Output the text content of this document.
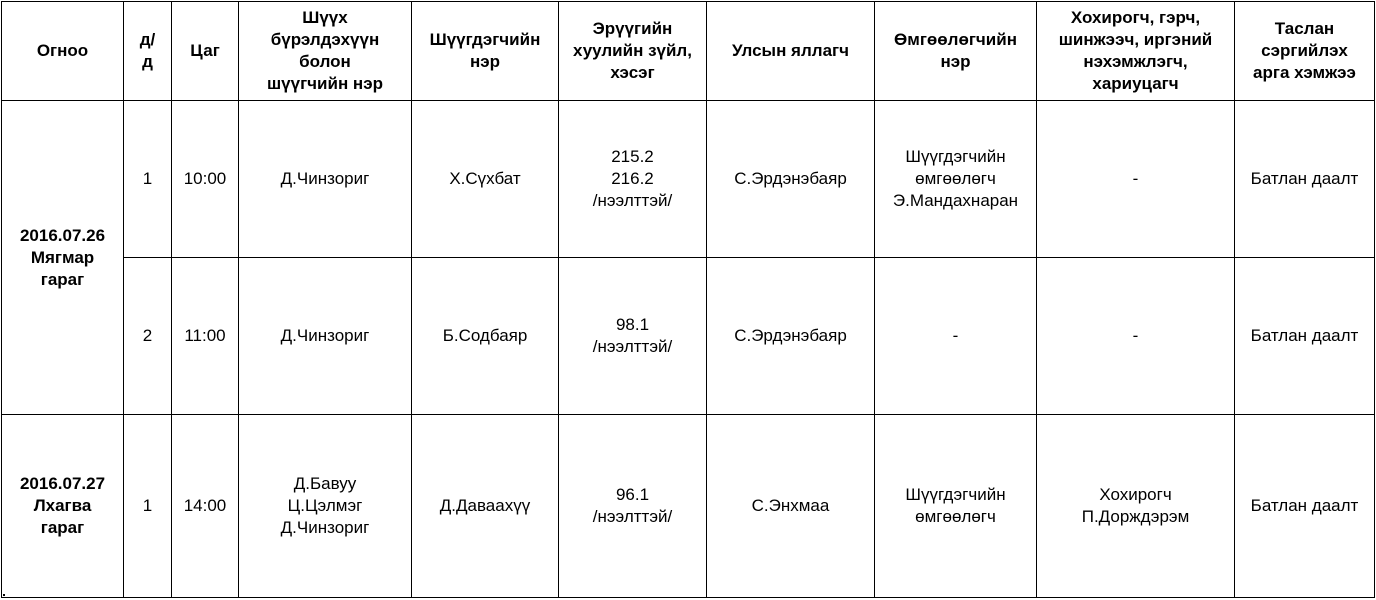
Огноо	д/
д	Цаг	Шүүх
бүрэлдэхүүн
болон
шүүгчийн нэр	Шүүгдэгчийн
нэр	Эрүүгийн
хуулийн зүйл,
хэсэг	Улсын яллагч	Өмгөөлөгчийн
нэр	Хохирогч, гэрч,
шинжээч, иргэний
нэхэмжлэгч,
хариуцагч	Таслан
сэргийлэх
арга хэмжээ
2016.07.26
Мягмар
гараг	1	10:00	Д.Чинзориг	Х.Сүхбат	215.2
216.2
/нээлттэй/	С.Эрдэнэбаяр	Шүүгдэгчийн
өмгөөлөгч
Э.Мандахнаран	-	Батлан даалт
	2	11:00	Д.Чинзориг	Б.Содбаяр	98.1
/нээлттэй/	С.Эрдэнэбаяр	-	-	Батлан даалт
2016.07.27
Лхагва
гараг	1	14:00	Д.Бавуу
Ц.Цэлмэг
Д.Чинзориг	Д.Даваахүү	96.1
/нээлттэй/	С.Энхмаа	Шүүгдэгчийн
өмгөөлөгч	Хохирогч
П.Дорждэрэм	Батлан даалт
